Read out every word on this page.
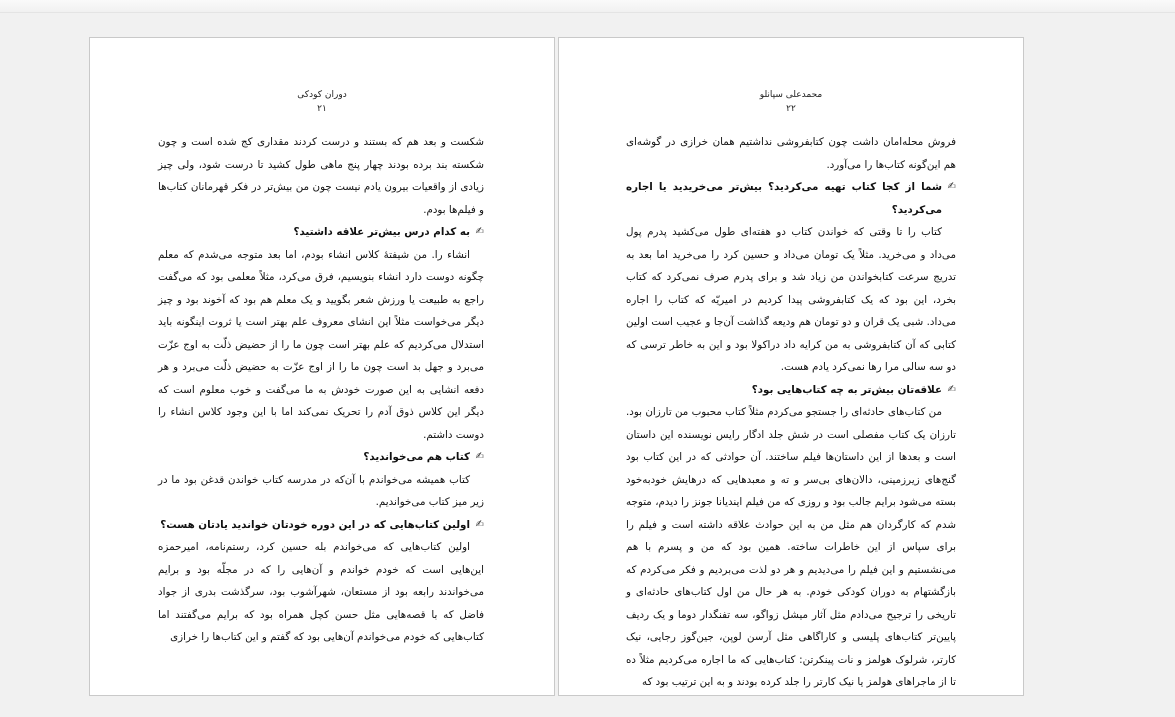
دوران کودکی
۲۱

شکست و بعد هم که بستند و درست کردند مقداری کج شده است و چون شکسته بند برده بودند چهار پنج ماهی طول کشید تا درست شود، ولی چیز زیادی از واقعیات بیرون یادم نیست چون من بیش‌تر در فکر قهرمانان کتاب‌ها و فیلم‌ها بودم.

✍
به کدام درس بیش‌تر علاقه داشتید؟

انشاء را. من شیفتهٔ کلاس انشاء بودم، اما بعد متوجه می‌شدم که معلم چگونه دوست دارد انشاء بنویسیم، فرق می‌کرد، مثلاً معلمی بود که می‌گفت راجع به طبیعت یا ورزش شعر بگویید و یک معلم هم بود که آخوند بود و چیز دیگر می‌خواست مثلاً این انشای معروف علم بهتر است یا ثروت اینگونه باید استدلال می‌کردیم که علم بهتر است چون ما را از حضیض ذلّت به اوج عزّت می‌برد و جهل بد است چون ما را از اوج عزّت به حضیض ذلّت می‌برد و هر دفعه انشایی به این صورت خودش به ما می‌گفت و خوب معلوم است که دیگر این کلاس ذوق آدم را تحریک نمی‌کند اما با این وجود کلاس انشاء را دوست داشتم.

✍
کتاب هم می‌خواندید؟

کتاب همیشه می‌خواندم با آن‌که در مدرسه کتاب خواندن قدغن بود ما در زیر میز کتاب می‌خواندیم.

✍
اولین کتاب‌هایی که در این دوره خودتان خواندید یادتان هست؟

اولین کتاب‌هایی که می‌خواندم بله حسین کرد، رستم‌نامه، امیرحمزه این‌هایی است که خودم خواندم و آن‌هایی را که در مجلّه بود و برایم می‌خواندند رابعه بود از مستعان، شهرآشوب بود، سرگذشت بدری از جواد فاضل که با قصه‌هایی مثل حسن کچل همراه بود که برایم می‌گفتند اما کتاب‌هایی که خودم می‌خواندم آن‌هایی بود که گفتم و این کتاب‌ها را خرازی

محمدعلی سپانلو
۲۲

فروش محله‌امان داشت چون کتابفروشی نداشتیم همان خرازی در گوشه‌ای هم این‌گونه کتاب‌ها را می‌آورد.

✍
شما از کجا کتاب تهیه می‌کردید؟ بیش‌تر می‌خریدید یا اجاره می‌کردید؟

کتاب را تا وقتی که خواندن کتاب دو هفته‌ای طول می‌کشید پدرم پول می‌داد و می‌خرید. مثلاً یک تومان می‌داد و حسین کرد را می‌خرید اما بعد به تدریج سرعت کتابخواندن من زیاد شد و برای پدرم صرف نمی‌کرد که کتاب بخرد، این بود که یک کتابفروشی پیدا کردیم در امیریّه که کتاب را اجاره می‌داد. شبی یک قران و دو تومان هم ودیعه گذاشت آن‌جا و عجیب است اولین کتابی که آن کتابفروشی به من کرایه داد دراکولا بود و این به خاطر ترسی که دو سه سالی مرا رها نمی‌کرد یادم هست.

✍
علاقه‌تان بیش‌تر به چه کتاب‌هایی بود؟

من کتاب‌های حادثه‌ای را جستجو می‌کردم مثلاً کتاب محبوب من تارزان بود. تارزان یک کتاب مفصلی است در شش جلد ادگار رایس نویسنده این داستان است و بعدها از این داستان‌ها فیلم ساختند. آن حوادثی که در این کتاب بود گنج‌های زیرزمینی، دالان‌های بی‌سر و ته و معبدهایی که درهایش خودبه‌خود بسته می‌شود برایم جالب بود و روزی که من فیلم ایندیانا جونز را دیدم، متوجه شدم که کارگردان هم مثل من به این حوادث علاقه داشته است و فیلم را برای سپاس از این خاطرات ساخته. همین بود که من و پسرم با هم می‌نشستیم و این فیلم را می‌دیدیم و هر دو لذت می‌بردیم و فکر می‌کردم که بازگشتهام به دوران کودکی خودم. به هر حال من اول کتاب‌های حادثه‌ای و تاریخی را ترجیح می‌دادم مثل آثار میشل زواگو، سه تفنگدار دوما و یک ردیف پایین‌تر کتاب‌های پلیسی و کاراگاهی مثل آرسن لوپن، جین‌گوز رجایی، نیک کارتر، شرلوک هولمز و نات پینکرتن: کتاب‌هایی که ما اجاره می‌کردیم مثلاً ده تا از ماجراهای هولمز یا نیک کارتر را جلد کرده بودند و به این ترتیب بود که
